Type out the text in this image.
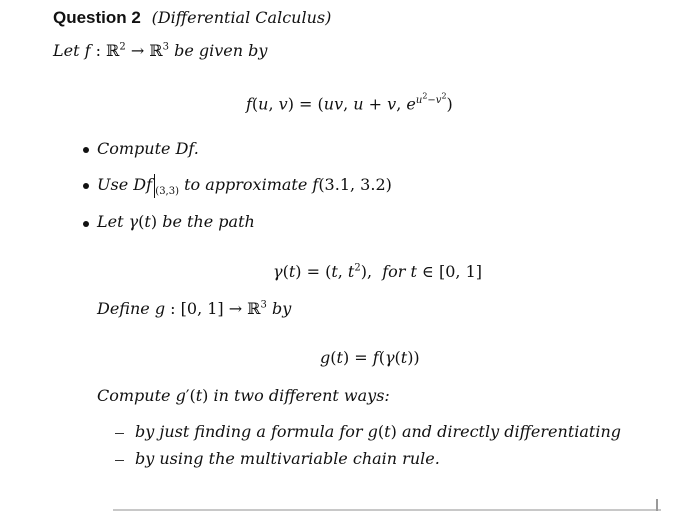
Question 2 (Differential Calculus)
Let f : ℝ$^2$ → ℝ$^3$ be given by
f(u, v) = (uv, u + v, $e^{u^2-v^2}$)
Compute Df.
Use Df $_{(3,3)}$ to approximate f(3.1, 3.2)
Let γ(t) be the path
γ(t) = (t, $t^2$),  for t ∈ [0, 1]
Define g : [0, 1] → ℝ$^3$ by
g(t) = f(γ(t))
Compute g′(t) in two different ways:
by just finding a formula for g(t) and directly differentiating
by using the multivariable chain rule.
